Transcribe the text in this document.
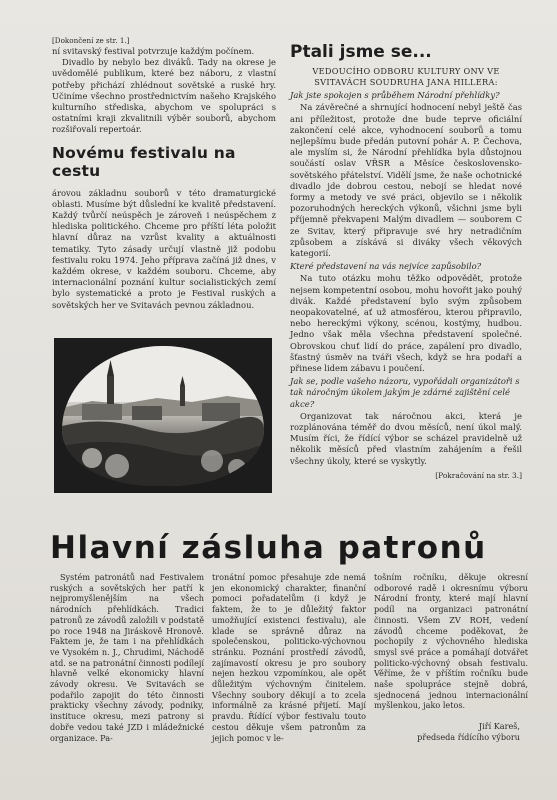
[Dokončení ze str. 1.]

ní svitavský festival potvrzuje každým počínem.

Divadlo by nebylo bez diváků. Tady na okrese je uvědomělé publikum, které bez náboru, z vlastní potřeby přichází zhlédnout sovětské a ruské hry. Učiníme všechno prostřednictvím našeho Krajského kulturního střediska, abychom ve spolupráci s ostatními kraji zkvalitnili výběr souborů, abychom rozšiřovali repertoár.

Novému festivalu na cestu

árovou základnu souborů v této dramaturgické oblasti. Musíme být důslední ke kvalitě představení. Každý tvůrčí neúspěch je zároveň i neúspěchem z hlediska politického. Chceme pro příští léta položit hlavní důraz na vzrůst kvality a aktuálnosti tematiky. Tyto zásady určují vlastně již podobu festivalu roku 1974. Jeho příprava začíná již dnes, v každém okrese, v každém souboru. Chceme, aby internacionální poznání kultur socialistických zemí bylo systematické a proto je Festival ruských a sovětských her ve Svitavách pevnou základnou.

Ptali jsme se...

VEDOUCÍHO ODBORU KULTURY ONV VE SVITAVÁCH SOUDRUHA JANA HILLERA:

Jak jste spokojen s průběhem Národní přehlídky?

Na závěrečné a shrnující hodnocení nebyl ještě čas ani příležitost, protože dne bude teprve oficiální zakončení celé akce, vyhodnocení souborů a tomu nejlepšímu bude předán putovní pohár A. P. Čechova, ale myslím si, že Národní přehlídka byla důstojnou součástí oslav VŘSR a Měsíce československo-sovětského přátelství. Vidělí jsme, že naše ochotnické divadlo jde dobrou cestou, nebojí se hledat nové formy a metody ve své práci, objevilo se i několik pozoruhodných hereckých výkonů, všichni jsme byli příjemně překvapeni Malým divadlem — souborem C ze Svitav, který připravuje své hry netradičním způsobem a získává si diváky všech věkových kategorií.

Které představení na vás nejvíce zapůsobilo?

Na tuto otázku mohu těžko odpovědět, protože nejsem kompetentní osobou, mohu hovořit jako pouhý divák. Každé představení bylo svým způsobem neopakovatelné, ať už atmosférou, kterou připravilo, nebo hereckými výkony, scénou, kostýmy, hudbou. Jedno však měla všechna představení společné. Obrovskou chuť lidí do práce, zapálení pro divadlo, šťastný úsměv na tváři všech, když se hra podaří a přinese lidem zábavu i poučení.

Jak se, podle vašeho názoru, vypořádali organizátoři s tak náročným úkolem jakým je zdárné zajištění celé akce?

Organizovat tak náročnou akci, která je rozplánována téměř do dvou měsíců, není úkol malý. Musím říci, že řídící výbor se scházel pravidelně už několik měsíců před vlastním zahájením a řešil všechny úkoly, které se vyskytly.

[Pokračování na str. 3.]

Hlavní zásluha patronů

Systém patronátů nad Festivalem ruských a sovětských her patří k nejpromyšlenějším na všech národních přehlídkách. Tradici patronů ze závodů založili v podstatě po roce 1948 na Jiráskově Hronově. Faktem je, že tam i na přehlídkách ve Vysokém n. J., Chrudimi, Náchodě atd. se na patronátní činnosti podílejí hlavně velké ekonomicky hlavní závody okresu. Ve Svitavách se podařilo zapojit do této činnosti prakticky všechny závody, podniky, instituce okresu, mezi patrony si dobře vedou také JZD i mládežnické organizace. Pa-

tronátní pomoc přesahuje zde nemá jen ekonomický charakter, finanční pomoci pořadatelům (i když je faktem, že to je důležitý faktor umožňující existenci festivalu), ale klade se správně důraz na společenskou, politicko-výchovnou stránku. Poznání prostředí závodů, zajímavostí okresu je pro soubory nejen hezkou vzpomínkou, ale opět důležitým výchovným činitelem. Všechny soubory děkují a to zcela informálně za krásné přijetí. Mají pravdu. Řídící výbor festivalu touto cestou děkuje všem patronům za jejich pomoc v le-

tošním ročníku, děkuje okresní odborové radě i okresnímu výboru Národní fronty, které mají hlavní podíl na organizaci patronátní činnosti. Všem ZV ROH, vedení závodů chceme poděkovat, že pochopily z výchovného hlediska smysl své práce a pomáhají dotvářet politicko-výchovný obsah festivalu. Věříme, že v příštím ročníku bude naše spolupráce stejně dobrá, sjednocená jednou internacionální myšlenkou, jako letos.

Jiří Kareš,
předseda řídícího výboru
